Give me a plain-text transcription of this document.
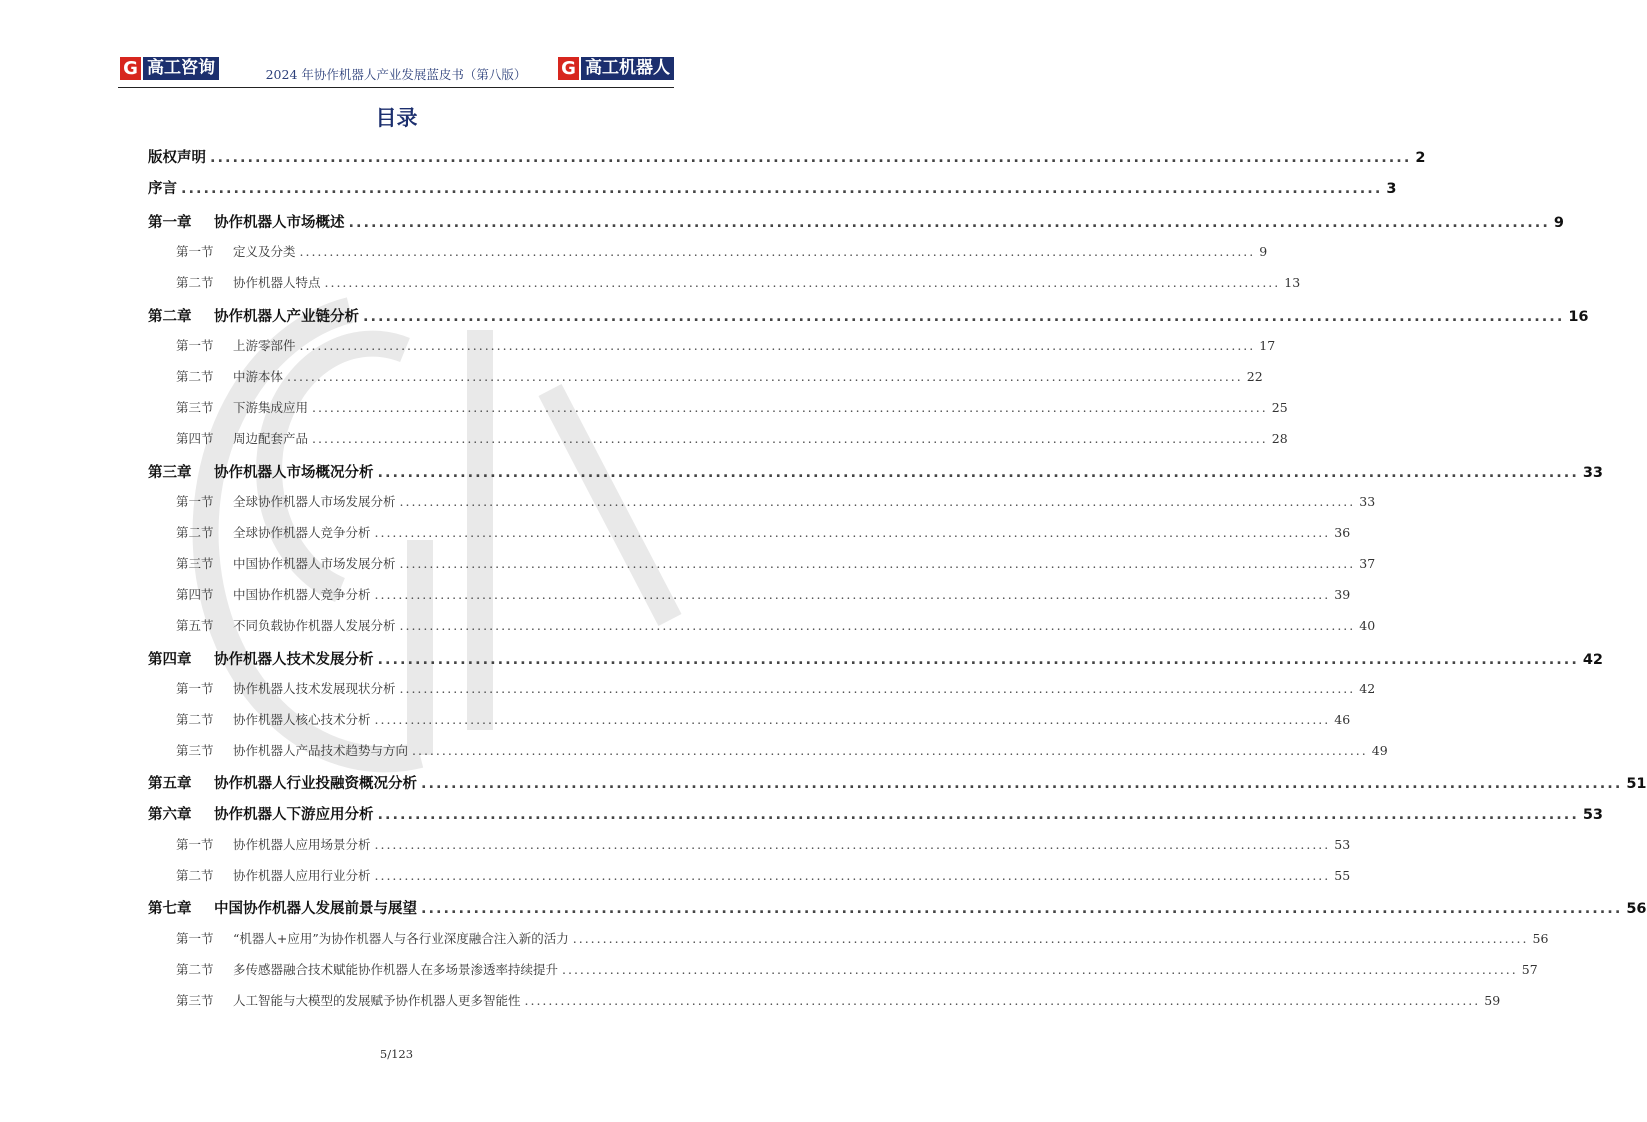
G 高工咨询	2024 年协作机器人产业发展蓝皮书（第八版）	G 高工机器人
目录
版权声明 ................................................................................................................................................................ 2
序言 ................................................................................................................................................................ 3
第一章	协作机器人市场概述 ................................................................................................................................................................ 9
第一节	定义及分类 ................................................................................................................................................................ 9
第二节	协作机器人特点 ................................................................................................................................................................ 13
第二章	协作机器人产业链分析 ................................................................................................................................................................ 16
第一节	上游零部件 ................................................................................................................................................................ 17
第二节	中游本体 ................................................................................................................................................................ 22
第三节	下游集成应用 ................................................................................................................................................................ 25
第四节	周边配套产品 ................................................................................................................................................................ 28
第三章	协作机器人市场概况分析 ................................................................................................................................................................ 33
第一节	全球协作机器人市场发展分析 ................................................................................................................................................................ 33
第二节	全球协作机器人竞争分析 ................................................................................................................................................................ 36
第三节	中国协作机器人市场发展分析 ................................................................................................................................................................ 37
第四节	中国协作机器人竞争分析 ................................................................................................................................................................ 39
第五节	不同负载协作机器人发展分析 ................................................................................................................................................................ 40
第四章	协作机器人技术发展分析 ................................................................................................................................................................ 42
第一节	协作机器人技术发展现状分析 ................................................................................................................................................................ 42
第二节	协作机器人核心技术分析 ................................................................................................................................................................ 46
第三节	协作机器人产品技术趋势与方向 ................................................................................................................................................................ 49
第五章	协作机器人行业投融资概况分析 ................................................................................................................................................................ 51
第六章	协作机器人下游应用分析 ................................................................................................................................................................ 53
第一节	协作机器人应用场景分析 ................................................................................................................................................................ 53
第二节	协作机器人应用行业分析 ................................................................................................................................................................ 55
第七章	中国协作机器人发展前景与展望 ................................................................................................................................................................ 56
第一节	“机器人+应用”为协作机器人与各行业深度融合注入新的活力 ................................................................................................................................................................ 56
第二节	多传感器融合技术赋能协作机器人在多场景渗透率持续提升 ................................................................................................................................................................ 57
第三节	人工智能与大模型的发展赋予协作机器人更多智能性 ................................................................................................................................................................ 59
5/123
